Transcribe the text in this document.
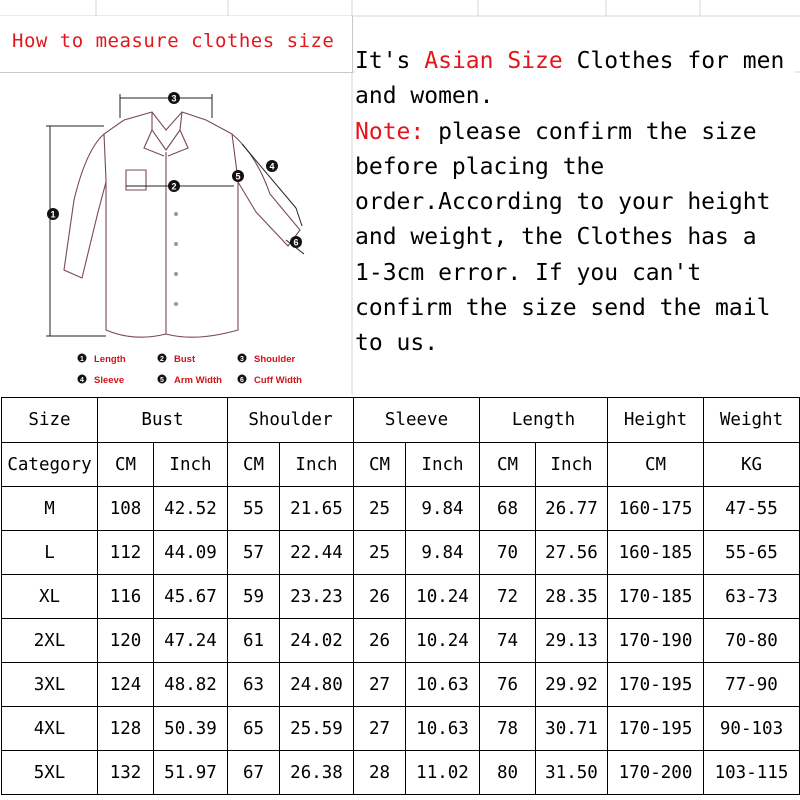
How to measure clothes size
1
2
3
4
5
6
1 Length	2 Bust	3 Shoulder
4 Sleeve	5 Arm Width	6 Cuff Width
It's Asian Size Clothes for men and women.
Note: please confirm the size before placing the order.According to your height and weight, the Clothes has a 1-3cm error. If you can't confirm the size send the mail to us.
Size	Bust		Shoulder		Sleeve		Length		Height	Weight
Category	CM	Inch	CM	Inch	CM	Inch	CM	Inch	CM	KG
M	108	42.52	55	21.65	25	9.84	68	26.77	160-175	47-55
L	112	44.09	57	22.44	25	9.84	70	27.56	160-185	55-65
XL	116	45.67	59	23.23	26	10.24	72	28.35	170-185	63-73
2XL	120	47.24	61	24.02	26	10.24	74	29.13	170-190	70-80
3XL	124	48.82	63	24.80	27	10.63	76	29.92	170-195	77-90
4XL	128	50.39	65	25.59	27	10.63	78	30.71	170-195	90-103
5XL	132	51.97	67	26.38	28	11.02	80	31.50	170-200	103-115
